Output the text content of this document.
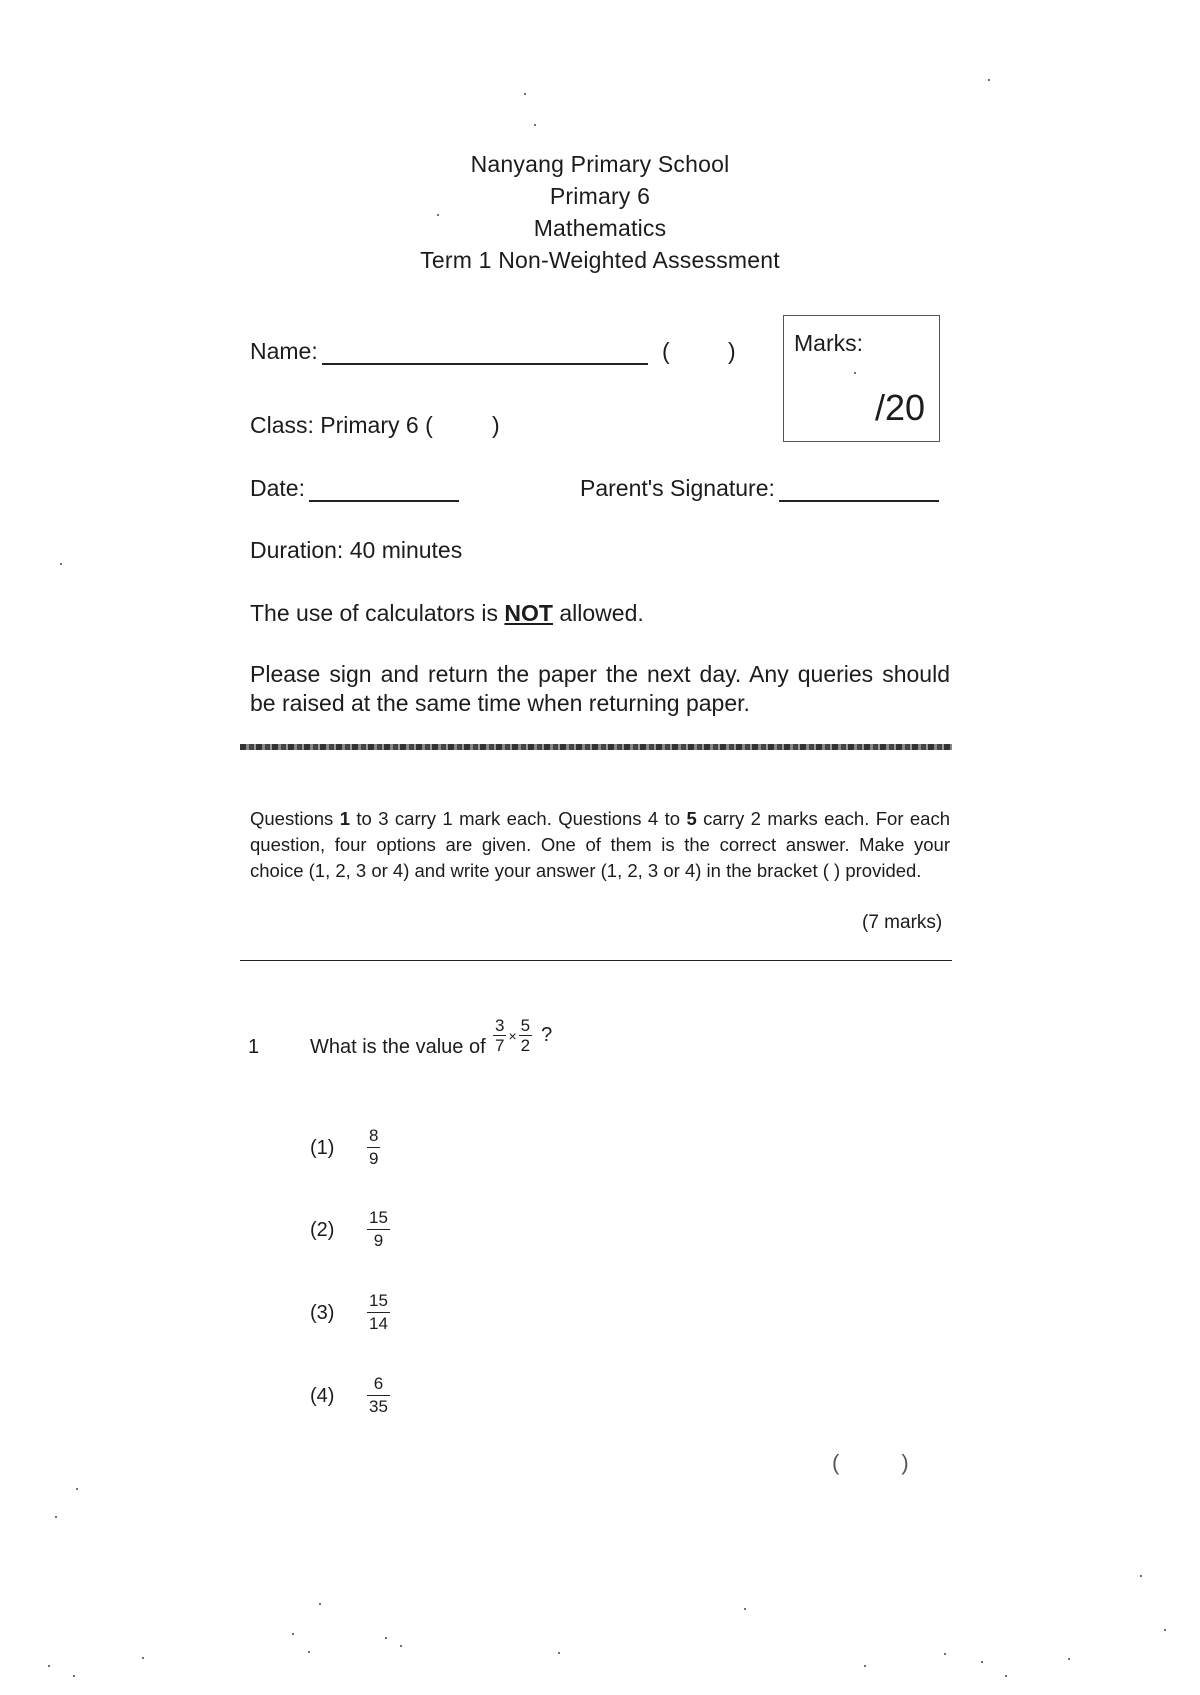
Nanyang Primary School
Primary 6
Mathematics
Term 1 Non-Weighted Assessment
Name:	(	)	Marks:
/20
Class: Primary 6 (	)
Date:	Parent's Signature:
Duration: 40 minutes
The use of calculators is NOT allowed.
Please sign and return the paper the next day. Any queries should be raised at the same time when returning paper.
Questions 1 to 3 carry 1 mark each. Questions 4 to 5 carry 2 marks each. For each question, four options are given. One of them is the correct answer. Make your choice (1, 2, 3 or 4) and write your answer (1, 2, 3 or 4) in the bracket ( ) provided.
(7 marks)
1	What is the value of $\frac{3}{7} \times \frac{5}{2}$ ?
(1)	$\frac{8}{9}$
(2)	$\frac{15}{9}$
(3)	$\frac{15}{14}$
(4)	$\frac{6}{35}$
(	)
